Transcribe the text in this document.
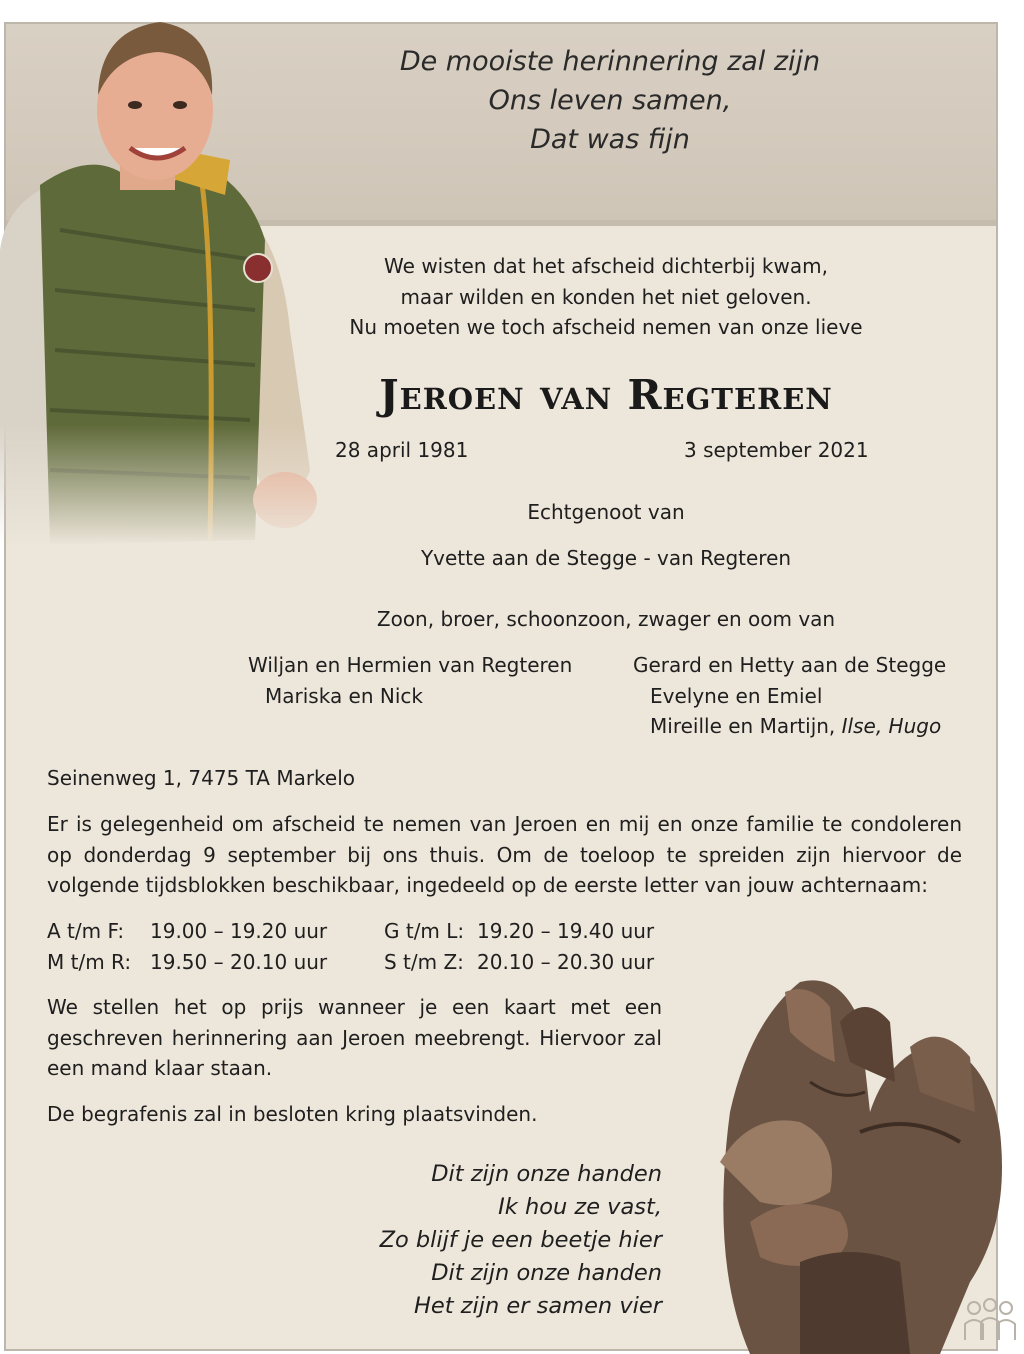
De mooiste herinnering zal zijn
Ons leven samen,
Dat was fijn
We wisten dat het afscheid dichterbij kwam,
maar wilden en konden het niet geloven.
Nu moeten we toch afscheid nemen van onze lieve
Jeroen van Regteren
28 april 1981	3 september 2021
Echtgenoot van
Yvette aan de Stegge - van Regteren
Zoon, broer, schoonzoon, zwager en oom van
Wiljan en Hermien van Regteren
Mariska en Nick
Gerard en Hetty aan de Stegge
Evelyne en Emiel
Mireille en Martijn, Ilse, Hugo
Seinenweg 1, 7475 TA Markelo
Er is gelegenheid om afscheid te nemen van Jeroen en mij en onze familie te condoleren op donderdag 9 september bij ons thuis. Om de toeloop te spreiden zijn hiervoor de volgende tijdsblokken beschikbaar, ingedeeld op de eerste letter van jouw achternaam:
A t/m F: 19.00 – 19.20 uur	G t/m L: 19.20 – 19.40 uur
M t/m R: 19.50 – 20.10 uur	S t/m Z: 20.10 – 20.30 uur
We stellen het op prijs wanneer je een kaart met een geschreven herinnering aan Jeroen meebrengt. Hiervoor zal een mand klaar staan.
De begrafenis zal in besloten kring plaatsvinden.
Dit zijn onze handen
Ik hou ze vast,
Zo blijf je een beetje hier
Dit zijn onze handen
Het zijn er samen vier
